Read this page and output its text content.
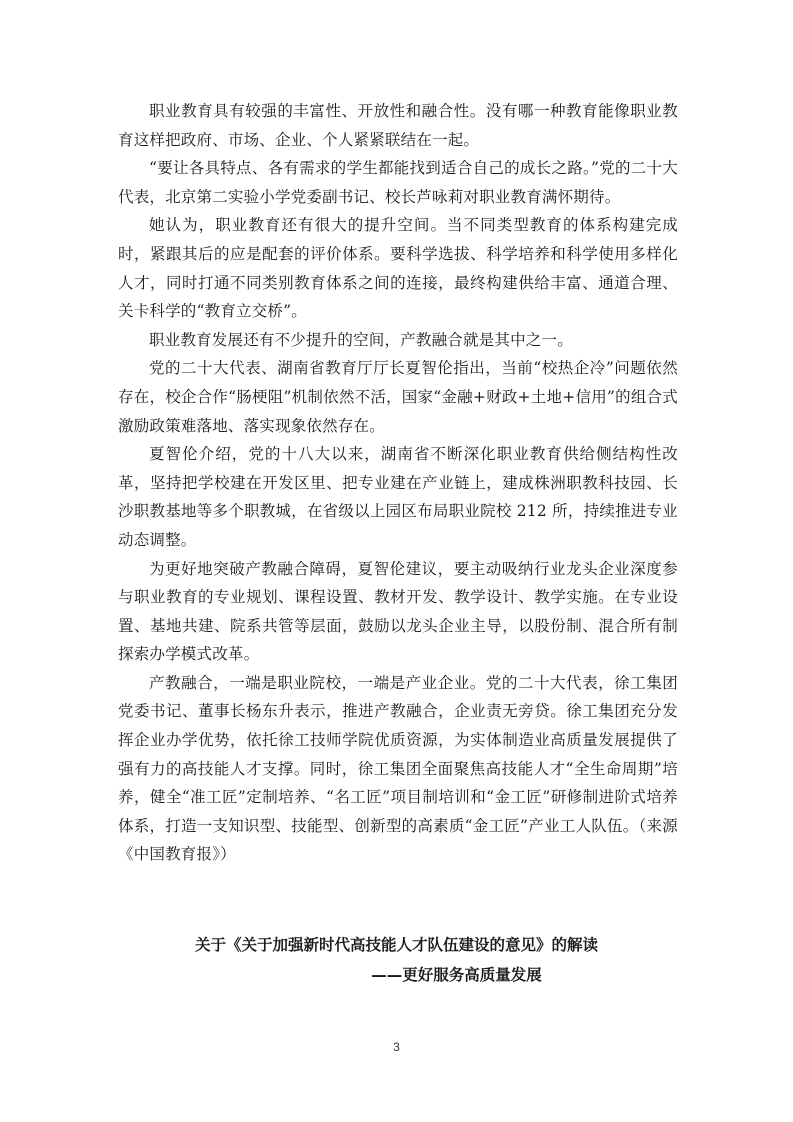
职业教育具有较强的丰富性、开放性和融合性。没有哪一种教育能像职业教育这样把政府、市场、企业、个人紧紧联结在一起。

“要让各具特点、各有需求的学生都能找到适合自己的成长之路。”党的二十大代表，北京第二实验小学党委副书记、校长芦咏莉对职业教育满怀期待。

她认为，职业教育还有很大的提升空间。当不同类型教育的体系构建完成时，紧跟其后的应是配套的评价体系。要科学选拔、科学培养和科学使用多样化人才，同时打通不同类别教育体系之间的连接，最终构建供给丰富、通道合理、关卡科学的“教育立交桥”。

职业教育发展还有不少提升的空间，产教融合就是其中之一。

党的二十大代表、湖南省教育厅厅长夏智伦指出，当前“校热企冷”问题依然存在，校企合作“肠梗阻”机制依然不活，国家“金融+财政+土地+信用”的组合式激励政策难落地、落实现象依然存在。

夏智伦介绍，党的十八大以来，湖南省不断深化职业教育供给侧结构性改革，坚持把学校建在开发区里、把专业建在产业链上，建成株洲职教科技园、长沙职教基地等多个职教城，在省级以上园区布局职业院校 212 所，持续推进专业动态调整。

为更好地突破产教融合障碍，夏智伦建议，要主动吸纳行业龙头企业深度参与职业教育的专业规划、课程设置、教材开发、教学设计、教学实施。在专业设置、基地共建、院系共管等层面，鼓励以龙头企业主导，以股份制、混合所有制探索办学模式改革。

产教融合，一端是职业院校，一端是产业企业。党的二十大代表，徐工集团党委书记、董事长杨东升表示，推进产教融合，企业责无旁贷。徐工集团充分发挥企业办学优势，依托徐工技师学院优质资源，为实体制造业高质量发展提供了强有力的高技能人才支撑。同时，徐工集团全面聚焦高技能人才“全生命周期”培养，健全“准工匠”定制培养、“名工匠”项目制培训和“金工匠”研修制进阶式培养体系，打造一支知识型、技能型、创新型的高素质“金工匠”产业工人队伍。（来源《中国教育报》）

关于《关于加强新时代高技能人才队伍建设的意见》的解读

——更好服务高质量发展

3
